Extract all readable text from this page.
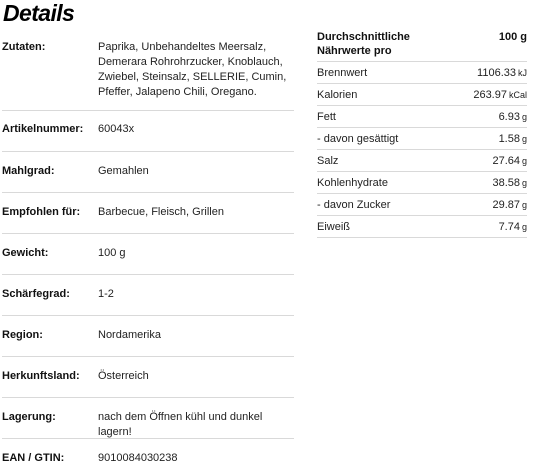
Details
Zutaten:	Paprika, Unbehandeltes Meersalz,
Demerara Rohrohrzucker, Knoblauch,
Zwiebel, Steinsalz, SELLERIE, Cumin,
Pfeffer, Jalapeno Chili, Oregano.
Artikelnummer:	60043x
Mahlgrad:	Gemahlen
Empfohlen für:	Barbecue, Fleisch, Grillen
Gewicht:	100 g
Schärfegrad:	1-2
Region:	Nordamerika
Herkunftsland:	Österreich
Lagerung:	nach dem Öffnen kühl und dunkel lagern!
EAN / GTIN:	9010084030238
Durchschnittliche Nährwerte pro
100 g
Brennwert	1106.33 kJ
Kalorien	263.97 kCal
Fett	6.93 g
- davon gesättigt	1.58 g
Salz	27.64 g
Kohlenhydrate	38.58 g
- davon Zucker	29.87 g
Eiweiß	7.74 g
